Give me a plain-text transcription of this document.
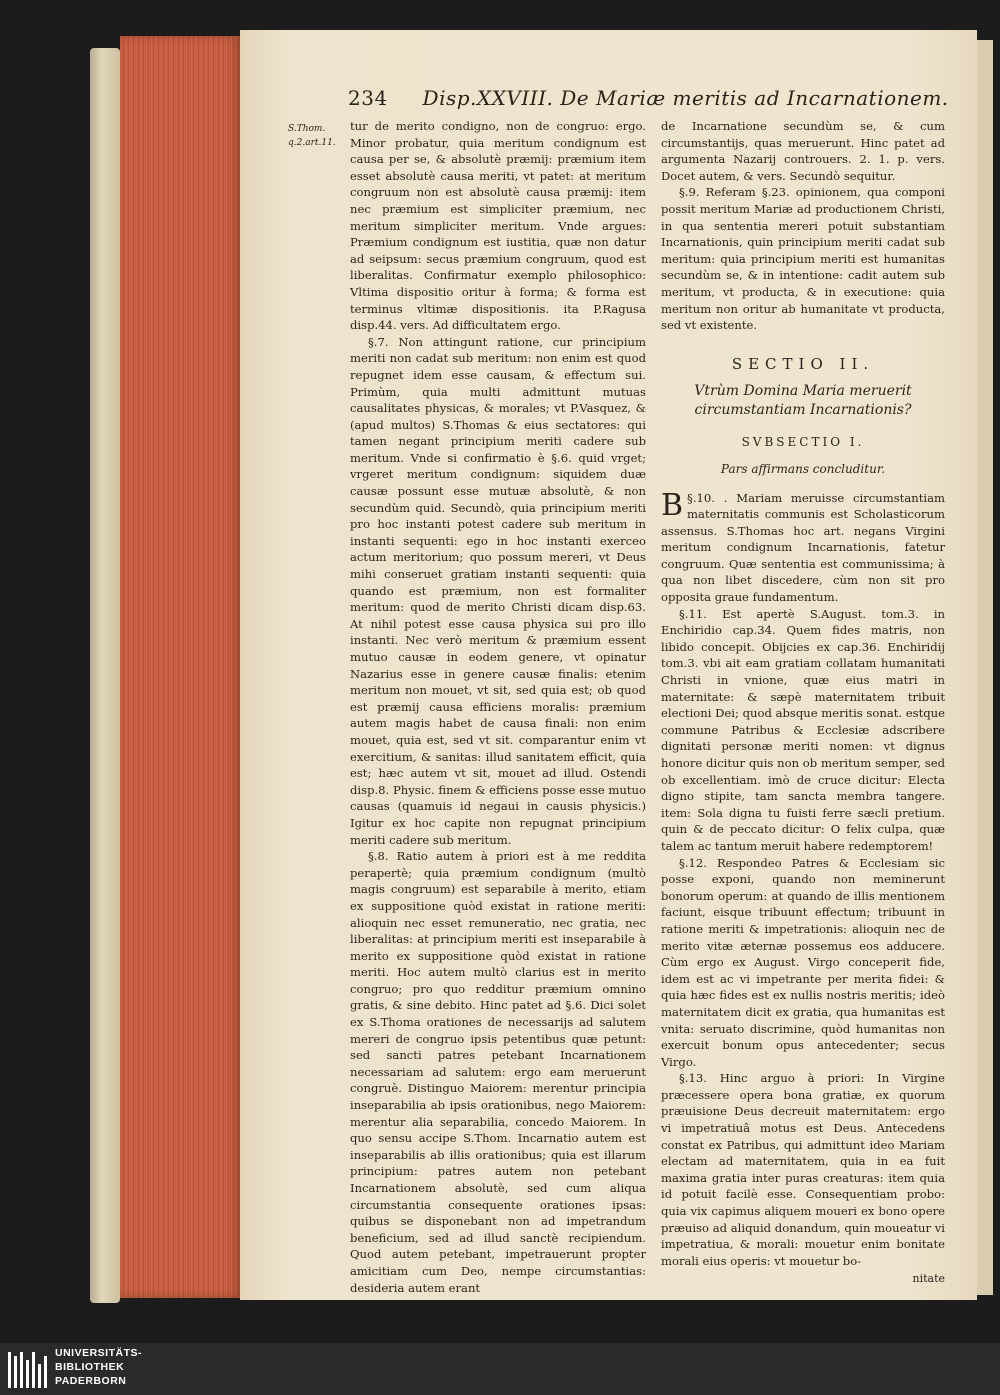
234 Disp.XXVIII. De Mariæ meritis ad Incarnationem.
S.Thom.
q.2.art.11.

tur de merito condigno, non de congruo: ergo. Minor probatur, quia meritum condignum est causa per se, & absolutè præmij: præmium item esset absolutè causa meriti, vt patet: at meritum congruum non est absolutè causa præmij: item nec præmium est simpliciter præmium, nec meritum simpliciter meritum. Vnde argues: Præmium condignum est iustitia, quæ non datur ad seipsum: secus præmium congruum, quod est liberalitas. Confirmatur exemplo philosophico: Vltima dispositio oritur à forma; & forma est terminus vltimæ dispositionis. ita P.Ragusa disp.44. vers. Ad difficultatem ergo.

§.7. Non attingunt ratione, cur principium meriti non cadat sub meritum: non enim est quod repugnet idem esse causam, & effectum sui. Primùm, quia multi admittunt mutuas causalitates physicas, & morales; vt P.Vasquez, & (apud multos) S.Thomas & eius sectatores: qui tamen negant principium meriti cadere sub meritum. Vnde si confirmatio è §.6. quid vrget; vrgeret meritum condignum: siquidem duæ causæ possunt esse mutuæ absolutè, & non secundùm quid. Secundò, quia principium meriti pro hoc instanti potest cadere sub meritum in instanti sequenti: ego in hoc instanti exerceo actum meritorium; quo possum mereri, vt Deus mihi conseruet gratiam instanti sequenti: quia quando est præmium, non est formaliter meritum: quod de merito Christi dicam disp.63. At nihil potest esse causa physica sui pro illo instanti. Nec verò meritum & præmium essent mutuo causæ in eodem genere, vt opinatur Nazarius esse in genere causæ finalis: etenim meritum non mouet, vt sit, sed quia est; ob quod est præmij causa efficiens moralis: præmium autem magis habet de causa finali: non enim mouet, quia est, sed vt sit. comparantur enim vt exercitium, & sanitas: illud sanitatem efficit, quia est; hæc autem vt sit, mouet ad illud. Ostendi disp.8. Physic. finem & efficiens posse esse mutuo causas (quamuis id negaui in causis physicis.) Igitur ex hoc capite non repugnat principium meriti cadere sub meritum.

§.8. Ratio autem à priori est à me reddita perapertè; quia præmium condignum (multò magis congruum) est separabile à merito, etiam ex suppositione quòd existat in ratione meriti: alioquin nec esset remuneratio, nec gratia, nec liberalitas: at principium meriti est inseparabile à merito ex suppositione quòd existat in ratione meriti. Hoc autem multò clarius est in merito congruo; pro quo redditur præmium omnino gratis, & sine debito. Hinc patet ad §.6. Dici solet ex S.Thoma orationes de necessarijs ad salutem mereri de congruo ipsis petentibus quæ petunt: sed sancti patres petebant Incarnationem necessariam ad salutem: ergo eam meruerunt congruè. Distinguo Maiorem: merentur principia inseparabilia ab ipsis orationibus, nego Maiorem: merentur alia separabilia, concedo Maiorem. In quo sensu accipe S.Thom. Incarnatio autem est inseparabilis ab illis orationibus; quia est illarum principium: patres autem non petebant Incarnationem absolutè, sed cum aliqua circumstantia consequente orationes ipsas: quibus se disponebant non ad impetrandum beneficium, sed ad illud sanctè recipiendum. Quod autem petebant, impetrauerunt propter amicitiam cum Deo, nempe circumstantias: desideria autem erant

de Incarnatione secundùm se, & cum circumstantijs, quas meruerunt. Hinc patet ad argumenta Nazarij controuers. 2. 1. p. vers. Docet autem, & vers. Secundò sequitur.

§.9. Referam §.23. opinionem, qua componi possit meritum Mariæ ad productionem Christi, in qua sententia mereri potuit substantiam Incarnationis, quin principium meriti cadat sub meritum: quia principium meriti est humanitas secundùm se, & in intentione: cadit autem sub meritum, vt producta, & in executione: quia meritum non oritur ab humanitate vt producta, sed vt existente.

SECTIO II.
Vtrùm Domina Maria meruerit circumstantiam Incarnationis?
SVBSECTIO I.
Pars affirmans concluditur.

§.10.
B	. Mariam meruisse circumstantiam maternitatis communis est Scholasticorum assensus. S.Thomas hoc art. negans Virgini meritum condignum Incarnationis, fatetur congruum. Quæ sententia est communissima; à qua non libet discedere, cùm non sit pro opposita graue fundamentum.

§.11. Est apertè S.August. tom.3. in Enchiridio cap.34. Quem fides matris, non libido concepit. Obijcies ex cap.36. Enchiridij tom.3. vbi ait eam gratiam collatam humanitati Christi in vnione, quæ eius matri in maternitate: & sæpè maternitatem tribuit electioni Dei; quod absque meritis sonat. estque commune Patribus & Ecclesiæ adscribere dignitati personæ meriti nomen: vt dignus honore dicitur quis non ob meritum semper, sed ob excellentiam. imò de cruce dicitur: Electa digno stipite, tam sancta membra tangere. item: Sola digna tu fuisti ferre sæcli pretium. quin & de peccato dicitur: O felix culpa, quæ talem ac tantum meruit habere redemptorem!

§.12. Respondeo Patres & Ecclesiam sic posse exponi, quando non meminerunt bonorum operum: at quando de illis mentionem faciunt, eisque tribuunt effectum; tribuunt in ratione meriti & impetrationis: alioquin nec de merito vitæ æternæ possemus eos adducere. Cùm ergo ex August. Virgo conceperit fide, idem est ac vi impetrante per merita fidei: & quia hæc fides est ex nullis nostris meritis; ideò maternitatem dicit ex gratia, qua humanitas est vnita: seruato discrimine, quòd humanitas non exercuit bonum opus antecedenter; secus Virgo.

§.13. Hinc arguo à priori: In Virgine præcessere opera bona gratiæ, ex quorum præuisione Deus decreuit maternitatem: ergo vi impetratiuâ motus est Deus. Antecedens constat ex Patribus, qui admittunt ideo Mariam electam ad maternitatem, quia in ea fuit maxima gratia inter puras creaturas: item quia id potuit facilè esse. Consequentiam probo: quia vix capimus aliquem moueri ex bono opere præuiso ad aliquid donandum, quin moueatur vi impetratiua, & morali: mouetur enim bonitate morali eius operis: vt mouetur bo-

nitate
UNIVERSITÄTS-
BIBLIOTHEK
PADERBORN
